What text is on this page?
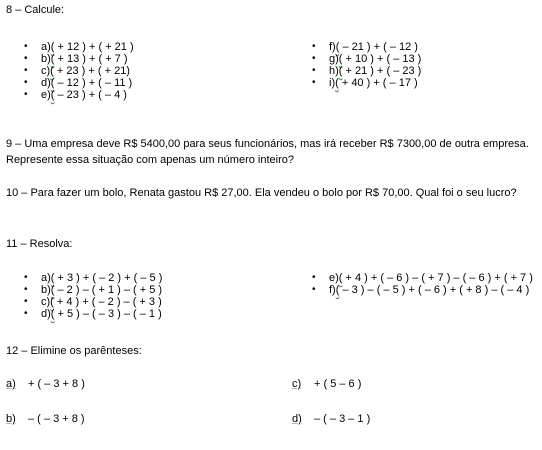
8 – Calcule:
• a)( + 12 ) + ( + 21 )
• b)( + 13 ) + ( + 7 )
• c)( + 23 ) + ( + 21)
• d)( – 12 ) + ( – 11 )
• e)( – 23 ) + ( – 4 )
• f)( – 21 ) + ( – 12 )
• g)( + 10 ) + ( – 13 )
• h)( + 21 ) + ( – 23 )
• i)( + 40 ) + ( – 17 )
9 – Uma empresa deve R$ 5400,00 para seus funcionários, mas irá receber R$ 7300,00 de outra empresa. Represente essa situação com apenas um número inteiro?
10 – Para fazer um bolo, Renata gastou R$ 27,00. Ela vendeu o bolo por R$ 70,00. Qual foi o seu lucro?
11 – Resolva:
• a)( + 3 ) + ( – 2 ) + ( – 5 )
• b)( – 2 ) – ( + 1 ) – ( + 5 )
• c)( + 4 ) + ( – 2 ) – ( + 3 )
• d)( + 5 ) – ( – 3 ) – ( – 1 )
• e)( + 4 ) + ( – 6 ) – ( + 7 ) – ( – 6 ) + ( + 7 )
• f)( – 3 ) – ( – 5 ) + ( – 6 ) + ( + 8 ) – ( – 4 )
12 – Elimine os parênteses:
a) + ( – 3 + 8 )	c) + ( 5 – 6 )
b) – ( – 3 + 8 )	d) – ( – 3 – 1 )
